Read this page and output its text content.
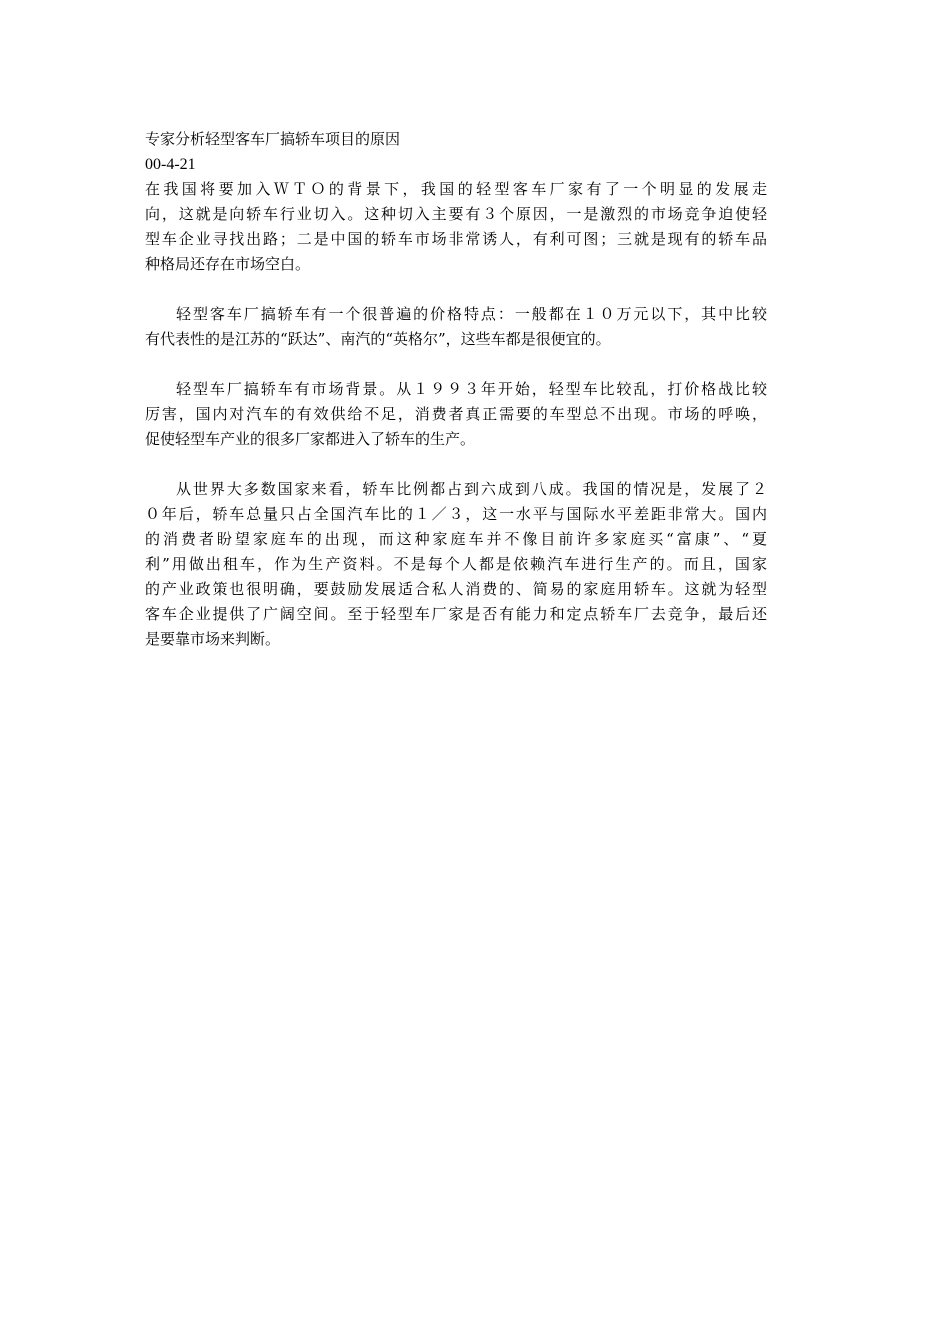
专家分析轻型客车厂搞轿车项目的原因
00-4-21
在我国将要加入ＷＴＯ的背景下，我国的轻型客车厂家有了一个明显的发展走
向，这就是向轿车行业切入。这种切入主要有３个原因，一是激烈的市场竞争迫使轻
型车企业寻找出路；二是中国的轿车市场非常诱人，有利可图；三就是现有的轿车品
种格局还存在市场空白。
轻型客车厂搞轿车有一个很普遍的价格特点：一般都在１０万元以下，其中比较
有代表性的是江苏的“跃达”、南汽的“英格尔”，这些车都是很便宜的。
轻型车厂搞轿车有市场背景。从１９９３年开始，轻型车比较乱，打价格战比较
厉害，国内对汽车的有效供给不足，消费者真正需要的车型总不出现。市场的呼唤，
促使轻型车产业的很多厂家都进入了轿车的生产。
从世界大多数国家来看，轿车比例都占到六成到八成。我国的情况是，发展了２
０年后，轿车总量只占全国汽车比的１／３，这一水平与国际水平差距非常大。国内
的消费者盼望家庭车的出现，而这种家庭车并不像目前许多家庭买“富康”、“夏
利”用做出租车，作为生产资料。不是每个人都是依赖汽车进行生产的。而且，国家
的产业政策也很明确，要鼓励发展适合私人消费的、简易的家庭用轿车。这就为轻型
客车企业提供了广阔空间。至于轻型车厂家是否有能力和定点轿车厂去竞争，最后还
是要靠市场来判断。
